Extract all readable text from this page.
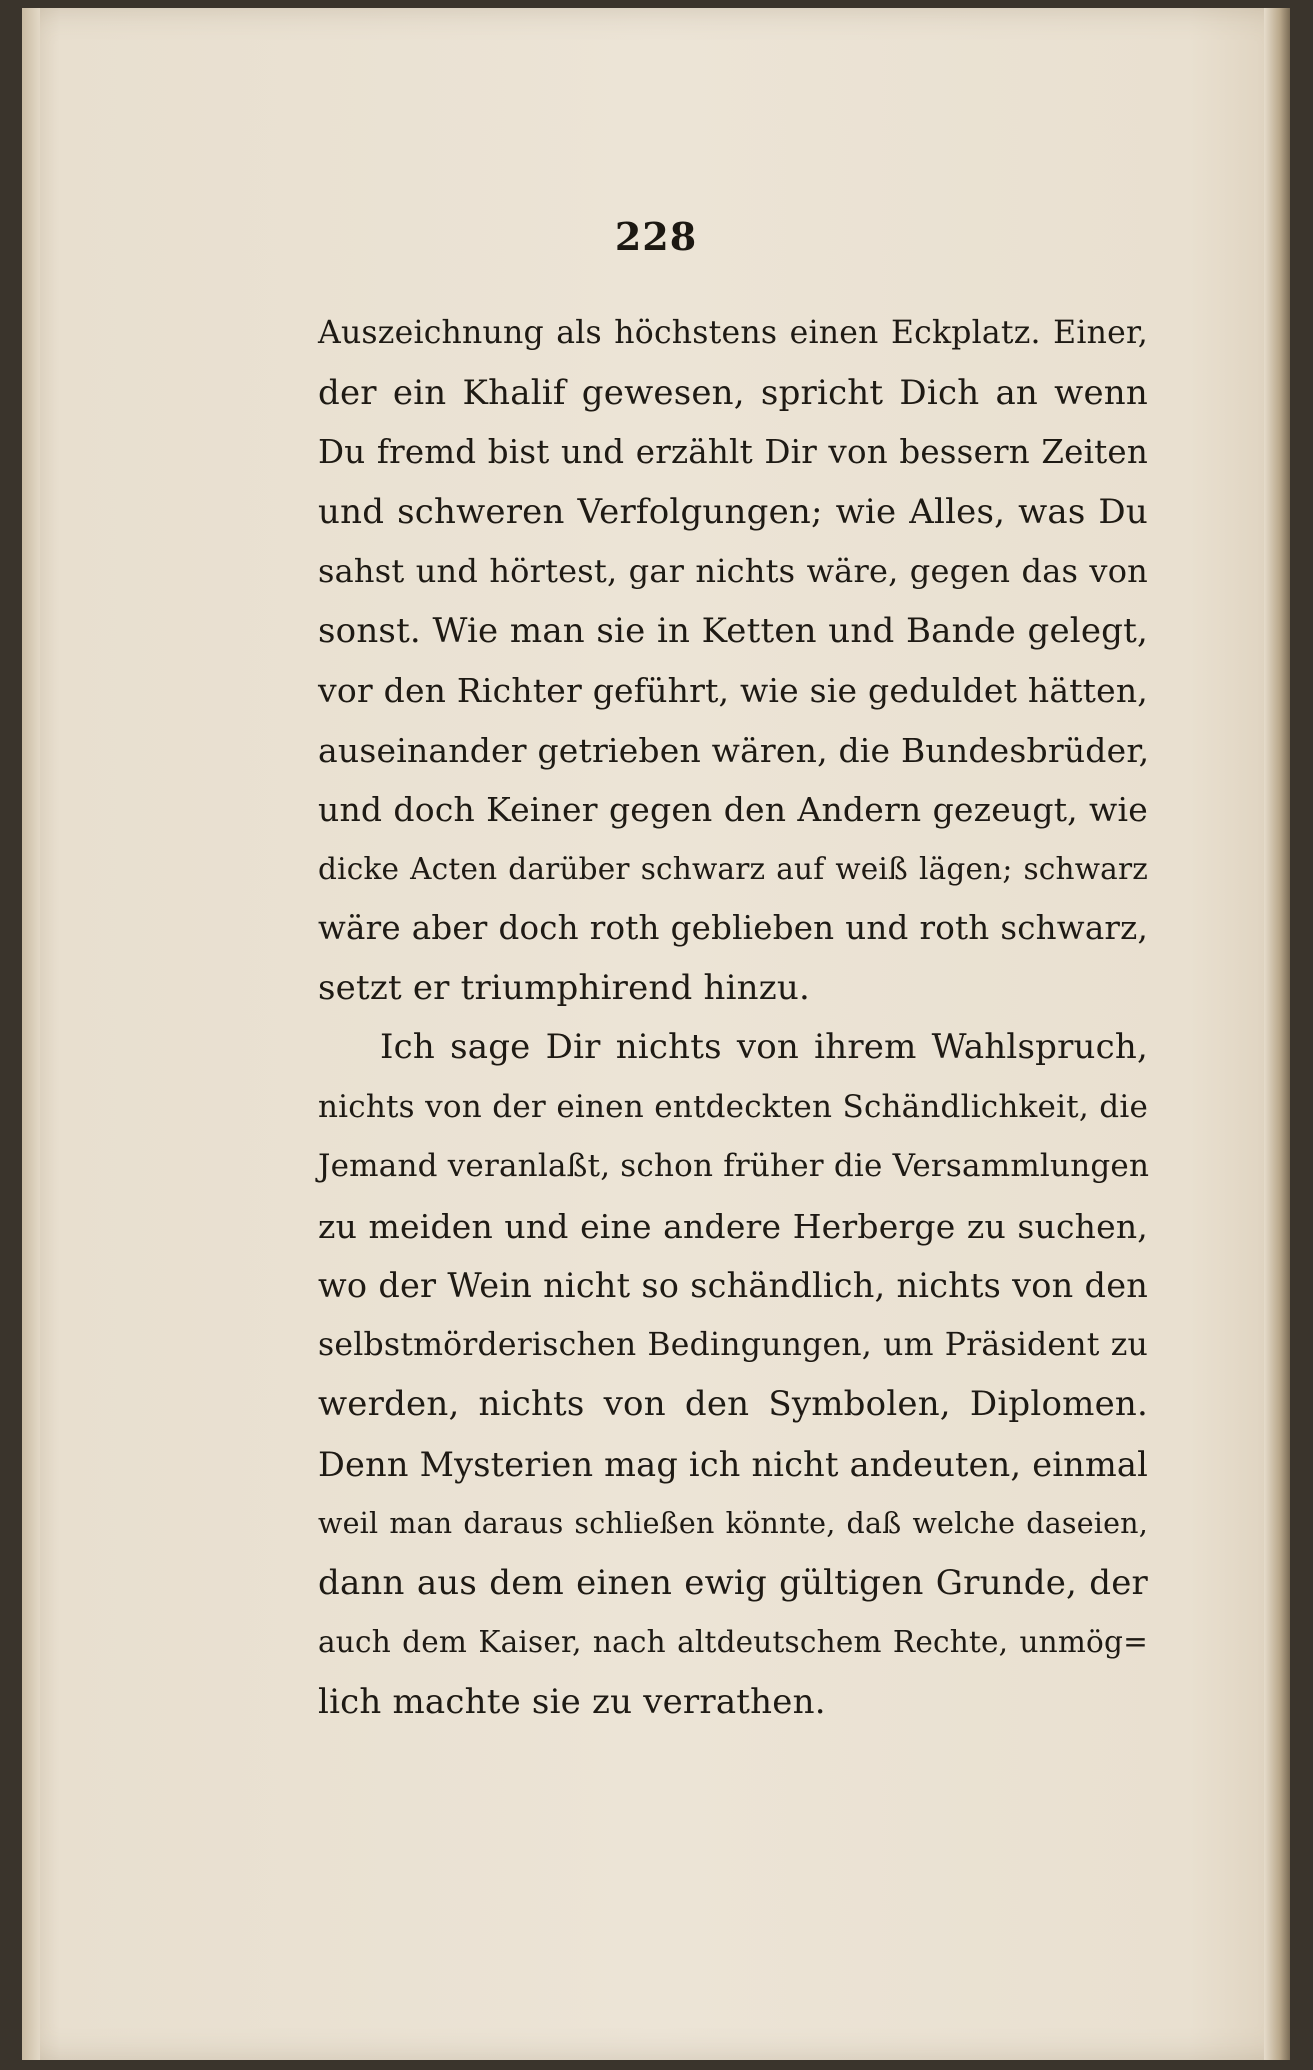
228
Auszeichnung als höchstens einen Eckplatz. Einer,
der ein Khalif gewesen, spricht Dich an wenn
Du fremd bist und erzählt Dir von bessern Zeiten
und schweren Verfolgungen; wie Alles, was Du
sahst und hörtest, gar nichts wäre, gegen das von
sonst. Wie man sie in Ketten und Bande gelegt,
vor den Richter geführt, wie sie geduldet hätten,
auseinander getrieben wären, die Bundesbrüder,
und doch Keiner gegen den Andern gezeugt, wie
dicke Acten darüber schwarz auf weiß lägen; schwarz
wäre aber doch roth geblieben und roth schwarz,
setzt er triumphirend hinzu.
Ich sage Dir nichts von ihrem Wahlspruch,
nichts von der einen entdeckten Schändlichkeit, die
Jemand veranlaßt, schon früher die Versammlungen
zu meiden und eine andere Herberge zu suchen,
wo der Wein nicht so schändlich, nichts von den
selbstmörderischen Bedingungen, um Präsident zu
werden, nichts von den Symbolen, Diplomen.
Denn Mysterien mag ich nicht andeuten, einmal
weil man daraus schließen könnte, daß welche daseien,
dann aus dem einen ewig gültigen Grunde, der
auch dem Kaiser, nach altdeutschem Rechte, unmög=
lich machte sie zu verrathen.
